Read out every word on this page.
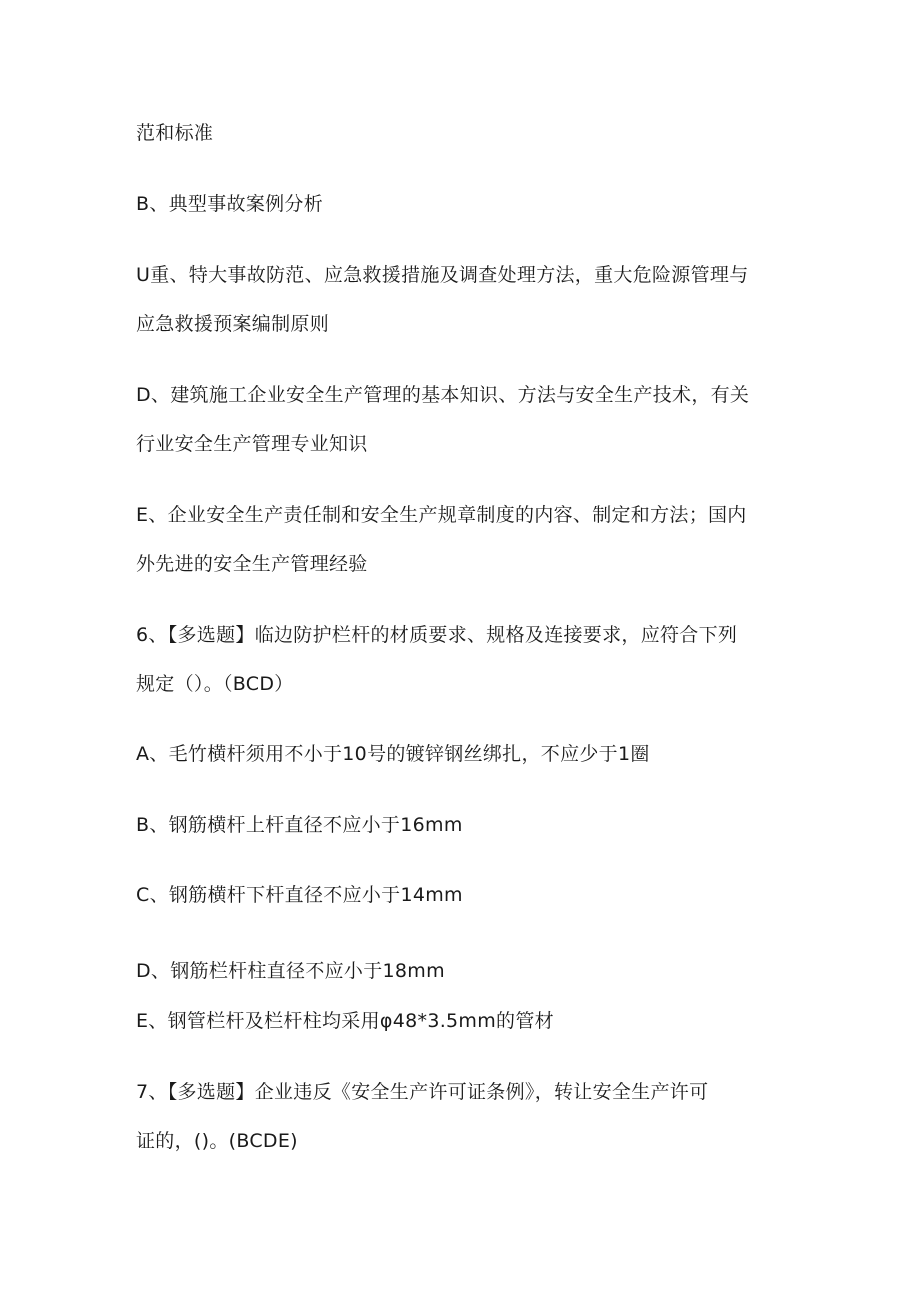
范和标准
B、典型事故案例分析
U重、特大事故防范、应急救援措施及调查处理方法，重大危险源管理与
应急救援预案编制原则
D、建筑施工企业安全生产管理的基本知识、方法与安全生产技术，有关
行业安全生产管理专业知识
E、企业安全生产责任制和安全生产规章制度的内容、制定和方法；国内
外先进的安全生产管理经验
6、【多选题】临边防护栏杆的材质要求、规格及连接要求，应符合下列
规定（）。（BCD）
A、毛竹横杆须用不小于10号的镀锌钢丝绑扎，不应少于1圈
B、钢筋横杆上杆直径不应小于16mm
C、钢筋横杆下杆直径不应小于14mm
D、钢筋栏杆柱直径不应小于18mm
E、钢管栏杆及栏杆柱均采用φ48*3.5mm的管材
7、【多选题】企业违反《安全生产许可证条例》，转让安全生产许可
证的，()。(BCDE)
